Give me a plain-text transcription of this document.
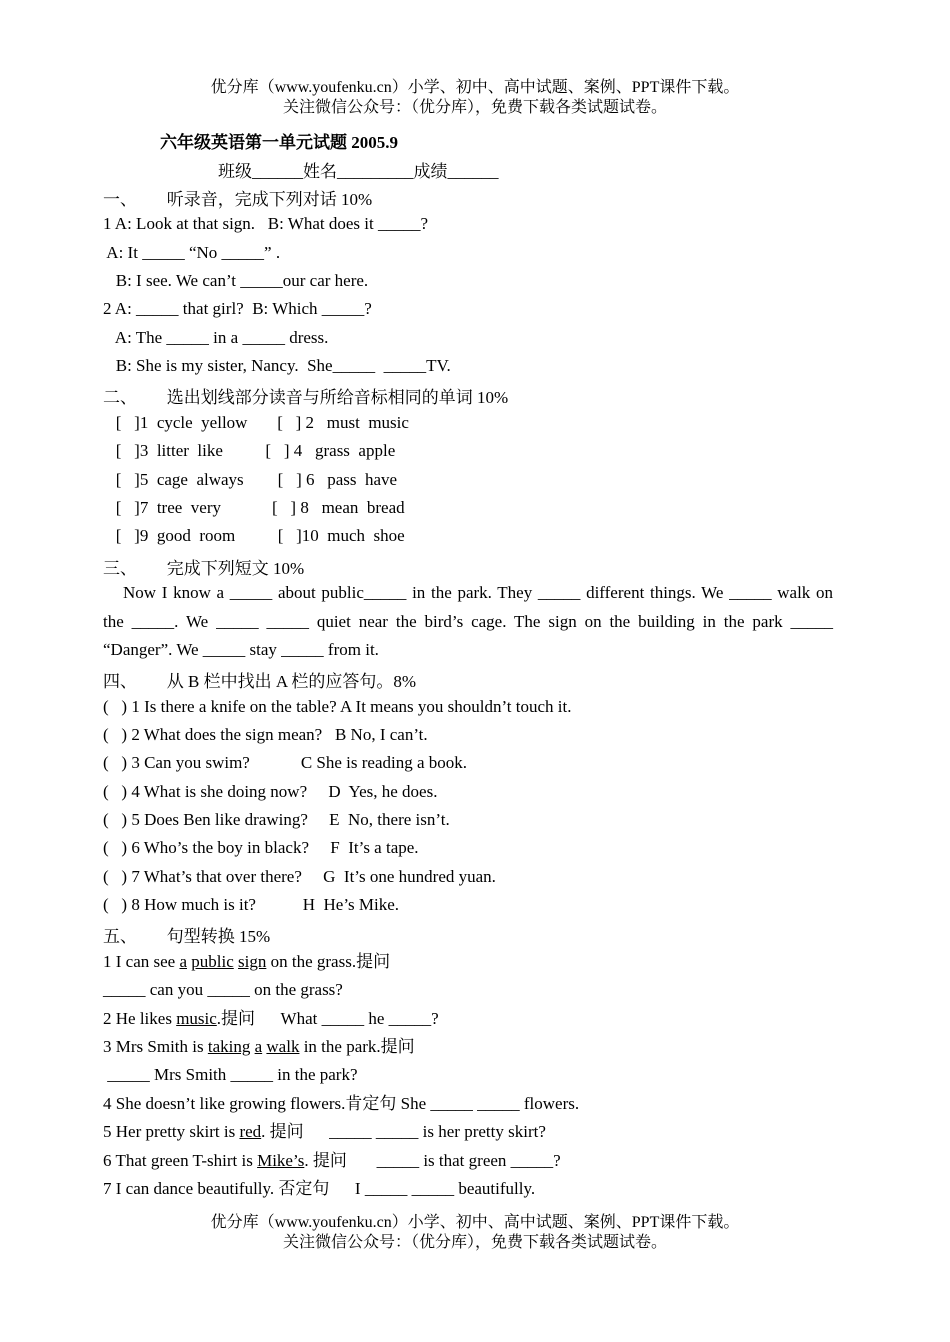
优分库（www.youfenku.cn）小学、初中、高中试题、案例、PPT课件下载。
关注微信公众号：（优分库），免费下载各类试题试卷。
六年级英语第一单元试题 2005.9
班级______姓名_________成绩______
一、       听录音，完成下列对话 10%
1 A: Look at that sign.   B: What does it _____?
A: It _____ “No _____” .
B: I see. We can’t _____our car here.
2 A: _____ that girl?  B: Which _____?
A: The _____ in a _____ dress.
B: She is my sister, Nancy.  She_____  _____TV.
二、       选出划线部分读音与所给音标相同的单词 10%
[   ]1  cycle  yellow       [   ] 2   must  music
[   ]3  litter  like          [   ] 4   grass  apple
[   ]5  cage  always        [   ] 6   pass  have
[   ]7  tree  very            [   ] 8   mean  bread
[   ]9  good  room          [   ]10  much  shoe
三、       完成下列短文 10%
Now I know a _____ about public_____ in the park. They _____ different things. We _____ walk on the _____. We _____ _____ quiet near the bird’s cage. The sign on the building in the park _____ “Danger”. We _____ stay _____ from it.
四、       从 B 栏中找出 A 栏的应答句。8%
(   ) 1 Is there a knife on the table? A It means you shouldn’t touch it.
(   ) 2 What does the sign mean?   B No, I can’t.
(   ) 3 Can you swim?            C She is reading a book.
(   ) 4 What is she doing now?     D  Yes, he does.
(   ) 5 Does Ben like drawing?     E  No, there isn’t.
(   ) 6 Who’s the boy in black?     F  It’s a tape.
(   ) 7 What’s that over there?     G  It’s one hundred yuan.
(   ) 8 How much is it?           H  He’s Mike.
五、       句型转换 15%
1 I can see a public sign on the grass.提问
_____ can you _____ on the grass?
2 He likes music.提问      What _____ he _____?
3 Mrs Smith is taking a walk in the park.提问
_____ Mrs Smith _____ in the park?
4 She doesn’t like growing flowers.肯定句 She _____ _____ flowers.
5 Her pretty skirt is red. 提问      _____ _____ is her pretty skirt?
6 That green T-shirt is Mike’s. 提问       _____ is that green _____?
7 I can dance beautifully. 否定句      I _____ _____ beautifully.
优分库（www.youfenku.cn）小学、初中、高中试题、案例、PPT课件下载。
关注微信公众号：（优分库），免费下载各类试题试卷。
